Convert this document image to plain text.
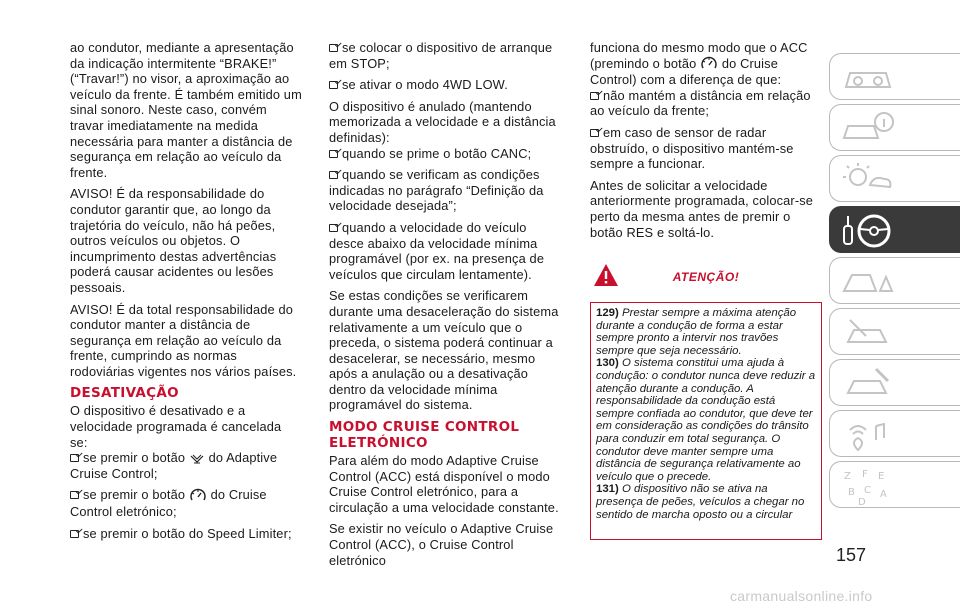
ao condutor, mediante a apresentação da indicação intermitente “BRAKE!” (“Travar!”) no visor, a aproximação ao veículo da frente. É também emitido um sinal sonoro. Neste caso, convém travar imediatamente na medida necessária para manter a distância de segurança em relação ao veículo da frente.

AVISO! É da responsabilidade do condutor garantir que, ao longo da trajetória do veículo, não há peões, outros veículos ou objetos. O incumprimento destas advertências poderá causar acidentes ou lesões pessoais.

AVISO! É da total responsabilidade do condutor manter a distância de segurança em relação ao veículo da frente, cumprindo as normas rodoviárias vigentes nos vários países.

DESATIVAÇÃO

O dispositivo é desativado e a velocidade programada é cancelada se:

se premir o botão do Adaptive Cruise Control;

se premir o botão do Cruise Control eletrónico;

se premir o botão do Speed Limiter;

se colocar o dispositivo de arranque em STOP;

se ativar o modo 4WD LOW.

O dispositivo é anulado (mantendo memorizada a velocidade e a distância definidas):

quando se prime o botão CANC;

quando se verificam as condições indicadas no parágrafo “Definição da velocidade desejada”;

quando a velocidade do veículo desce abaixo da velocidade mínima programável (por ex. na presença de veículos que circulam lentamente).

Se estas condições se verificarem durante uma desaceleração do sistema relativamente a um veículo que o preceda, o sistema poderá continuar a desacelerar, se necessário, mesmo após a anulação ou a desativação dentro da velocidade mínima programável do sistema.

MODO CRUISE CONTROL ELETRÓNICO

Para além do modo Adaptive Cruise Control (ACC) está disponível o modo Cruise Control eletrónico, para a circulação a uma velocidade constante.

Se existir no veículo o Adaptive Cruise Control (ACC), o Cruise Control eletrónico

funciona do mesmo modo que o ACC (premindo o botão do Cruise Control) com a diferença de que:

não mantém a distância em relação ao veículo da frente;

em caso de sensor de radar obstruído, o dispositivo mantém-se sempre a funcionar.

Antes de solicitar a velocidade anteriormente programada, colocar-se perto da mesma antes de premir o botão RES e soltá-lo.

ATENÇÃO!
129) Prestar sempre a máxima atenção durante a condução de forma a estar sempre pronto a intervir nos travões sempre que seja necessário.
130) O sistema constitui uma ajuda à condução: o condutor nunca deve reduzir a atenção durante a condução. A responsabilidade da condução está sempre confiada ao condutor, que deve ter em consideração as condições do trânsito para conduzir em total segurança. O condutor deve manter sempre uma distância de segurança relativamente ao veículo que o precede.
131) O dispositivo não se ativa na presença de peões, veículos a chegar no sentido de marcha oposto ou a circular
Z F E
B C A
D
157
carmanualsonline.info
